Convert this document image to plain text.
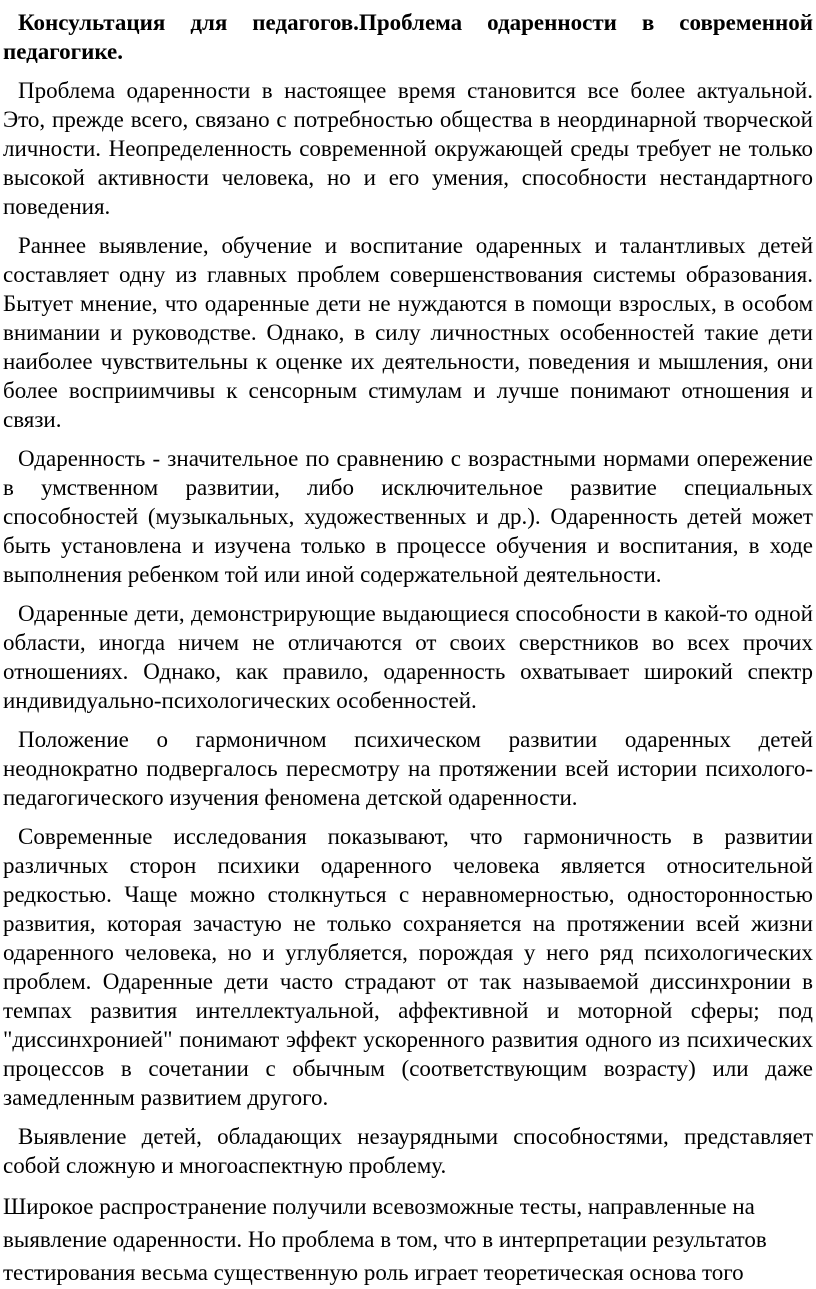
Консультация для педагогов.Проблема одаренности в современной педагогике.

Проблема одаренности в настоящее время становится все более актуальной. Это, прежде всего, связано с потребностью общества в неординарной творческой личности. Неопределенность современной окружающей среды требует не только высокой активности человека, но и его умения, способности нестандартного поведения.

Раннее выявление, обучение и воспитание одаренных и талантливых детей составляет одну из главных проблем совершенствования системы образования. Бытует мнение, что одаренные дети не нуждаются в помощи взрослых, в особом внимании и руководстве. Однако, в силу личностных особенностей такие дети наиболее чувствительны к оценке их деятельности, поведения и мышления, они более восприимчивы к сенсорным стимулам и лучше понимают отношения и связи.

Одаренность - значительное по сравнению с возрастными нормами опережение в умственном развитии, либо исключительное развитие специальных способностей (музыкальных, художественных и др.). Одаренность детей может быть установлена и изучена только в процессе обучения и воспитания, в ходе выполнения ребенком той или иной содержательной деятельности.

Одаренные дети, демонстрирующие выдающиеся способности в какой-то одной области, иногда ничем не отличаются от своих сверстников во всех прочих отношениях. Однако, как правило, одаренность охватывает широкий спектр индивидуально-психологических особенностей.

Положение о гармоничном психическом развитии одаренных детей неоднократно подвергалось пересмотру на протяжении всей истории психолого-педагогического изучения феномена детской одаренности.

Современные исследования показывают, что гармоничность в развитии различных сторон психики одаренного человека является относительной редкостью. Чаще можно столкнуться с неравномерностью, односторонностью развития, которая зачастую не только сохраняется на протяжении всей жизни одаренного человека, но и углубляется, порождая у него ряд психологических проблем. Одаренные дети часто страдают от так называемой диссинхронии в темпах развития интеллектуальной, аффективной и моторной сферы; под "диссинхронией" понимают эффект ускоренного развития одного из психических процессов в сочетании с обычным (соответствующим возрасту) или даже замедленным развитием другого.

Выявление детей, обладающих незаурядными способностями, представляет собой сложную и многоаспектную проблему.

Широкое распространение получили всевозможные тесты, направленные на
выявление одаренности. Но проблема в том, что в интерпретации результатов
тестирования весьма существенную роль играет теоретическая основа того
